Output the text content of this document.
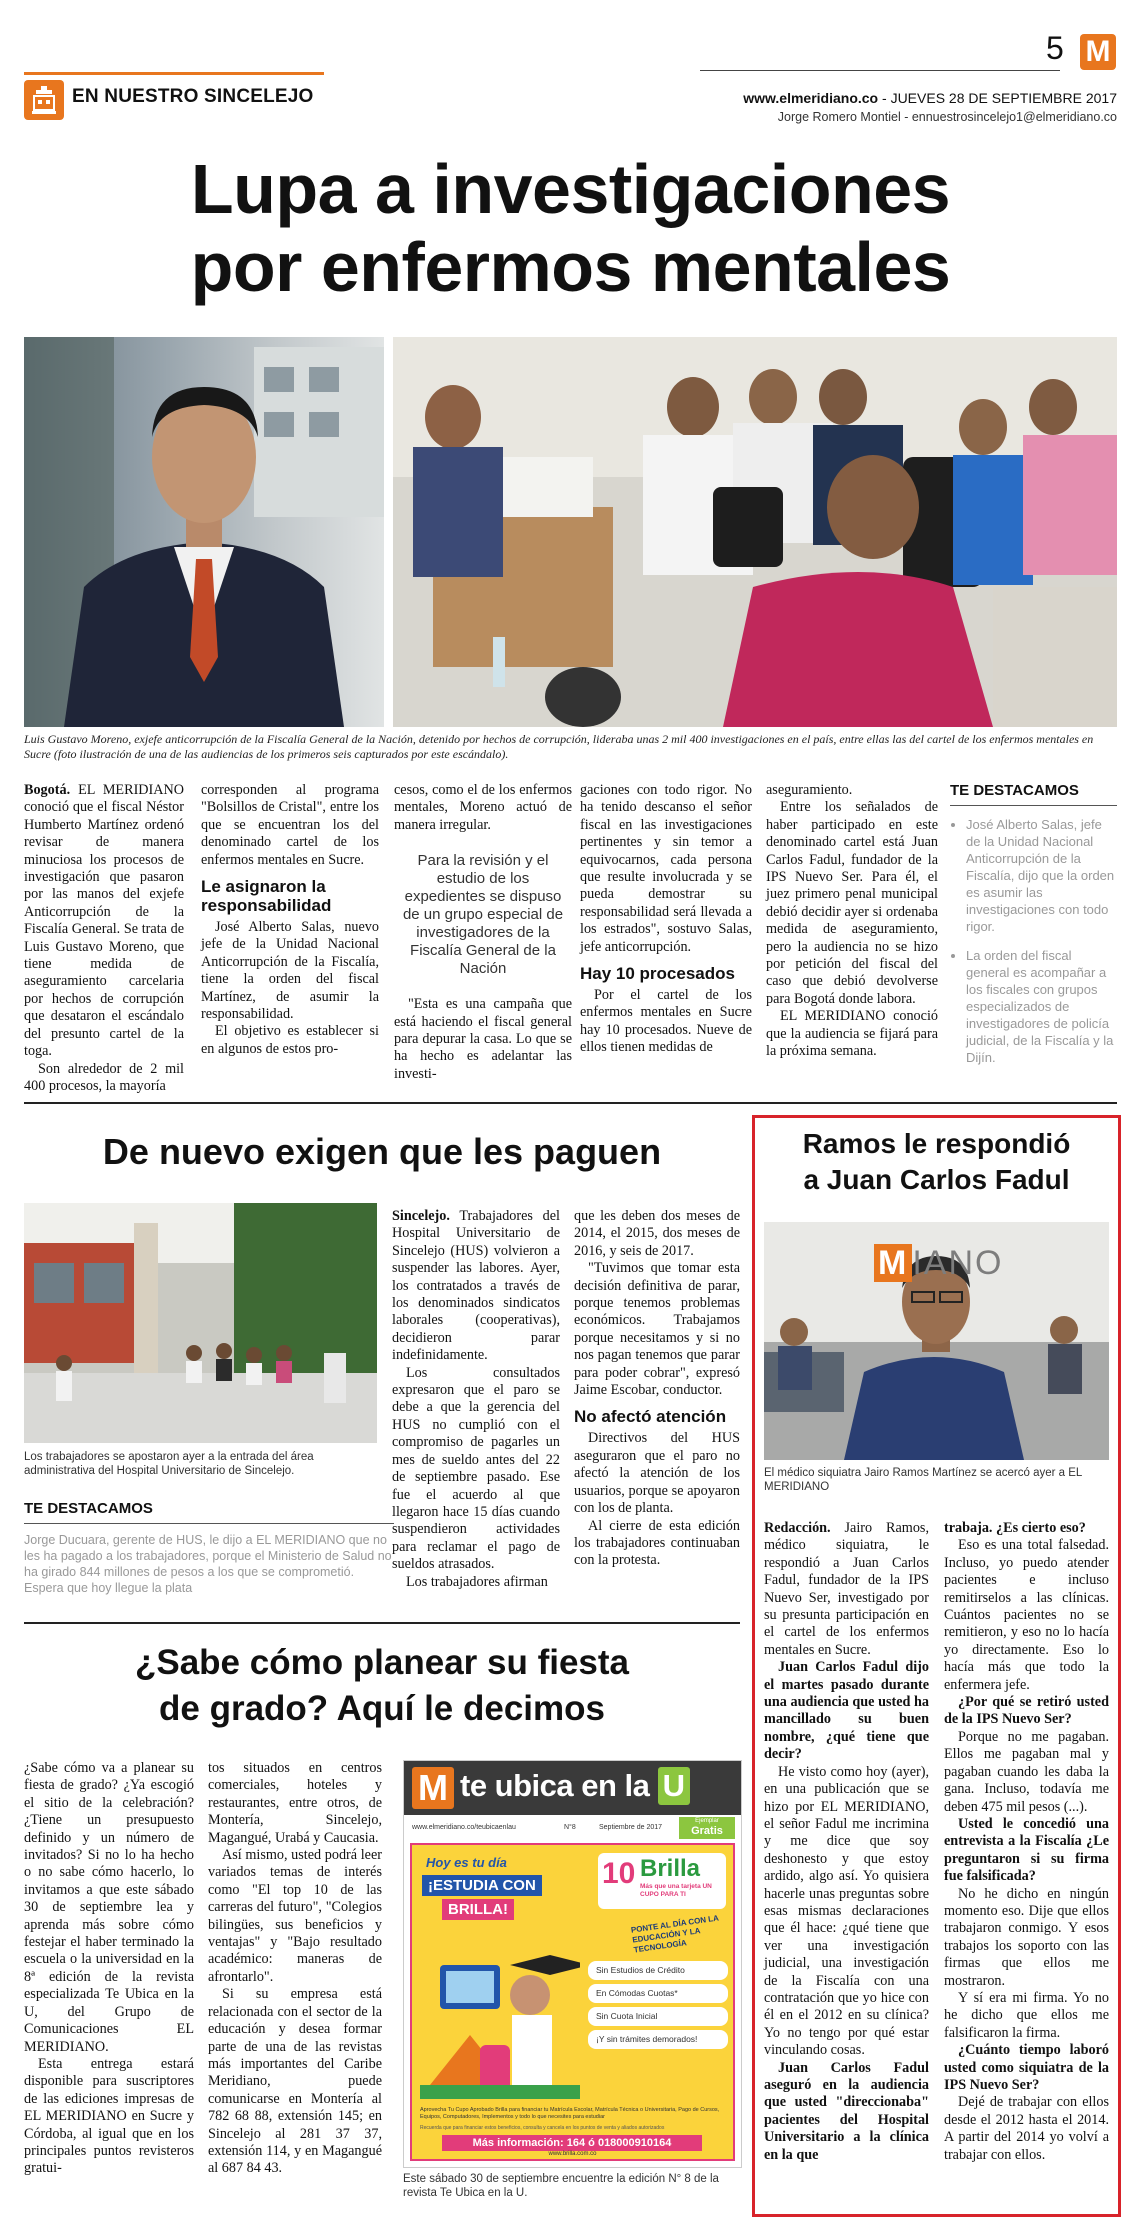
EN NUESTRO SINCELEJO
5 M
www.elmeridiano.co - JUEVES 28 DE SEPTIEMBRE 2017
Jorge Romero Montiel - ennuestrosincelejo1@elmeridiano.co
Lupa a investigaciones
por enfermos mentales
Luis Gustavo Moreno, exjefe anticorrupción de la Fiscalía General de la Nación, detenido por hechos de corrupción, lideraba unas 2 mil 400 investigaciones en el país, entre ellas las del cartel de los enfermos mentales en Sucre (foto ilustración de una de las audiencias de los primeros seis capturados por este escándalo).

Bogotá. EL MERIDIANO conoció que el fiscal Néstor Humberto Martínez ordenó revisar de manera minuciosa los procesos de investigación que pasaron por las manos del exjefe Anticorrupción de la Fiscalía General. Se trata de Luis Gustavo Moreno, que tiene medida de aseguramiento carcelaria por hechos de corrupción que desataron el escándalo del presunto cartel de la toga.

Son alrededor de 2 mil 400 procesos, la mayoría

corresponden al programa "Bolsillos de Cristal", entre los que se encuentran los del denominado cartel de los enfermos mentales en Sucre.

Le asignaron la responsabilidad

José Alberto Salas, nuevo jefe de la Unidad Nacional Anticorrupción de la Fiscalía, tiene la orden del fiscal Martínez, de asumir la responsabilidad.

El objetivo es establecer si en algunos de estos pro-

cesos, como el de los enfermos mentales, Moreno actuó de manera irregular.

Para la revisión y el estudio de los expedientes se dispuso de un grupo especial de investigadores de la Fiscalía General de la Nación

"Esta es una campaña que está haciendo el fiscal general para depurar la casa. Lo que se ha hecho es adelantar las investi-

gaciones con todo rigor. No ha tenido descanso el señor fiscal en las investigaciones pertinentes y sin temor a equivocarnos, cada persona que resulte involucrada y se pueda demostrar su responsabilidad será llevada a los estrados", sostuvo Salas, jefe anticorrupción.

Hay 10 procesados

Por el cartel de los enfermos mentales en Sucre hay 10 procesados. Nueve de ellos tienen medidas de

aseguramiento.

Entre los señalados de haber participado en este denominado cartel está Juan Carlos Fadul, fundador de la IPS Nuevo Ser. Para él, el juez primero penal municipal debió decidir ayer si ordenaba medida de aseguramiento, pero la audiencia no se hizo por petición del fiscal del caso que debió devolverse para Bogotá donde labora.

EL MERIDIANO conoció que la audiencia se fijará para la próxima semana.

TE DESTACAMOS
• José Alberto Salas, jefe de la Unidad Nacional Anticorrupción de la Fiscalía, dijo que la orden es asumir las investigaciones con todo rigor.
• La orden del fiscal general es acompañar a los fiscales con grupos especializados de investigadores de policía judicial, de la Fiscalía y la Dijín.
De nuevo exigen que les paguen
Los trabajadores se apostaron ayer a la entrada del área administrativa del Hospital Universitario de Sincelejo.
TE DESTACAMOS
Jorge Ducuara, gerente de HUS, le dijo a EL MERIDIANO que no les ha pagado a los trabajadores, porque el Ministerio de Salud no ha girado 844 millones de pesos a los que se comprometió. Espera que hoy llegue la plata

Sincelejo. Trabajadores del Hospital Universitario de Sincelejo (HUS) volvieron a suspender las labores. Ayer, los contratados a través de los denominados sindicatos laborales (cooperativas), decidieron parar indefinidamente.

Los consultados expresaron que el paro se debe a que la gerencia del HUS no cumplió con el compromiso de pagarles un mes de sueldo antes del 22 de septiembre pasado. Ese fue el acuerdo al que llegaron hace 15 días cuando suspendieron actividades para reclamar el pago de sueldos atrasados.

Los trabajadores afirman

que les deben dos meses de 2014, el 2015, dos meses de 2016, y seis de 2017.

"Tuvimos que tomar esta decisión definitiva de parar, porque tenemos problemas económicos. Trabajamos porque necesitamos y si no nos pagan tenemos que parar para poder cobrar", expresó Jaime Escobar, conductor.

No afectó atención

Directivos del HUS aseguraron que el paro no afectó la atención de los usuarios, porque se apoyaron con los de planta.

Al cierre de esta edición los trabajadores continuaban con la protesta.

¿Sabe cómo planear su fiesta
de grado? Aquí le decimos

¿Sabe cómo va a planear su fiesta de grado? ¿Ya escogió el sitio de la celebración? ¿Tiene un presupuesto definido y un número de invitados? Si no lo ha hecho o no sabe cómo hacerlo, lo invitamos a que este sábado 30 de septiembre lea y aprenda más sobre cómo festejar el haber terminado la escuela o la universidad en la 8ª edición de la revista especializada Te Ubica en la U, del Grupo de Comunicaciones EL MERIDIANO.

Esta entrega estará disponible para suscriptores de las ediciones impresas de EL MERIDIANO en Sucre y Córdoba, al igual que en los principales puntos revisteros gratui-

tos situados en centros comerciales, hoteles y restaurantes, entre otros, de Montería, Sincelejo, Magangué, Urabá y Caucasia.

Así mismo, usted podrá leer variados temas de interés como "El top 10 de las carreras del futuro", "Colegios bilingües, sus beneficios y ventajas" y "Bajo resultado académico: maneras de afrontarlo".

Si su empresa está relacionada con el sector de la educación y desea formar parte de una de las revistas más importantes del Caribe Meridiano, puede comunicarse en Montería al 782 68 88, extensión 145; en Sincelejo al 281 37 37, extensión 114, y en Magangué al 687 84 43.

M te ubica en la U
www.elmeridiano.co/teubicaenlau	N°8	Septiembre de 2017
Ejemplar
Gratis
Hoy es tu día
¡ESTUDIA CON
BRILLA!
10 Brilla
Más que una tarjeta UN CUPO PARA TI
PONTE AL DÍA CON LA EDUCACIÓN Y LA TECNOLOGÍA
Sin Estudios de Crédito
En Cómodas Cuotas*
Sin Cuota Inicial
¡Y sin trámites demorados!
Aprovecha Tu Cupo Aprobado Brilla para financiar tu Matrícula Escolar, Matrícula Técnica o Universitaria, Pago de Cursos, Equipos, Computadores, Implementos y todo lo que necesites para estudiar
Recuerda que para financiar estos beneficios, consulta y cancela en los puntos de venta y aliados autorizados
Más información: 164 ó 018000910164
www.brilla.com.co
Este sábado 30 de septiembre encuentre la edición N° 8 de la revista Te Ubica en la U.
Ramos le respondió
a Juan Carlos Fadul
M IANO
El médico siquiatra Jairo Ramos Martínez se acercó ayer a EL MERIDIANO

Redacción. Jairo Ramos, médico siquiatra, le respondió a Juan Carlos Fadul, fundador de la IPS Nuevo Ser, investigado por su presunta participación en el cartel de los enfermos mentales en Sucre.

Juan Carlos Fadul dijo el martes pasado durante una audiencia que usted ha mancillado su buen nombre, ¿qué tiene que decir?

He visto como hoy (ayer), en una publicación que se hizo por EL MERIDIANO, el señor Fadul me incrimina y me dice que soy deshonesto y que estoy ardido, algo así. Yo quisiera hacerle unas preguntas sobre esas mismas declaraciones que él hace: ¿qué tiene que ver una investigación judicial, una investigación de la Fiscalía con una contratación que yo hice con él en el 2012 en su clínica? Yo no tengo por qué estar vinculando cosas.

Juan Carlos Fadul aseguró en la audiencia que usted "direccionaba" pacientes del Hospital Universitario a la clínica en la que

trabaja. ¿Es cierto eso?

Eso es una total falsedad. Incluso, yo puedo atender pacientes e incluso remitirselos a las clínicas. Cuántos pacientes no se remitieron, y eso no lo hacía yo directamente. Eso lo hacía más que todo la enfermera jefe.

¿Por qué se retiró usted de la IPS Nuevo Ser?

Porque no me pagaban. Ellos me pagaban mal y pagaban cuando les daba la gana. Incluso, todavía me deben 475 mil pesos (...).

Usted le concedió una entrevista a la Fiscalía ¿Le preguntaron si su firma fue falsificada?

No he dicho en ningún momento eso. Dije que ellos trabajaron conmigo. Y esos trabajos los soporto con las firmas que ellos me mostraron.

Y sí era mi firma. Yo no he dicho que ellos me falsificaron la firma.

¿Cuánto tiempo laboró usted como siquiatra de la IPS Nuevo Ser?

Dejé de trabajar con ellos desde el 2012 hasta el 2014. A partir del 2014 yo volví a trabajar con ellos.
